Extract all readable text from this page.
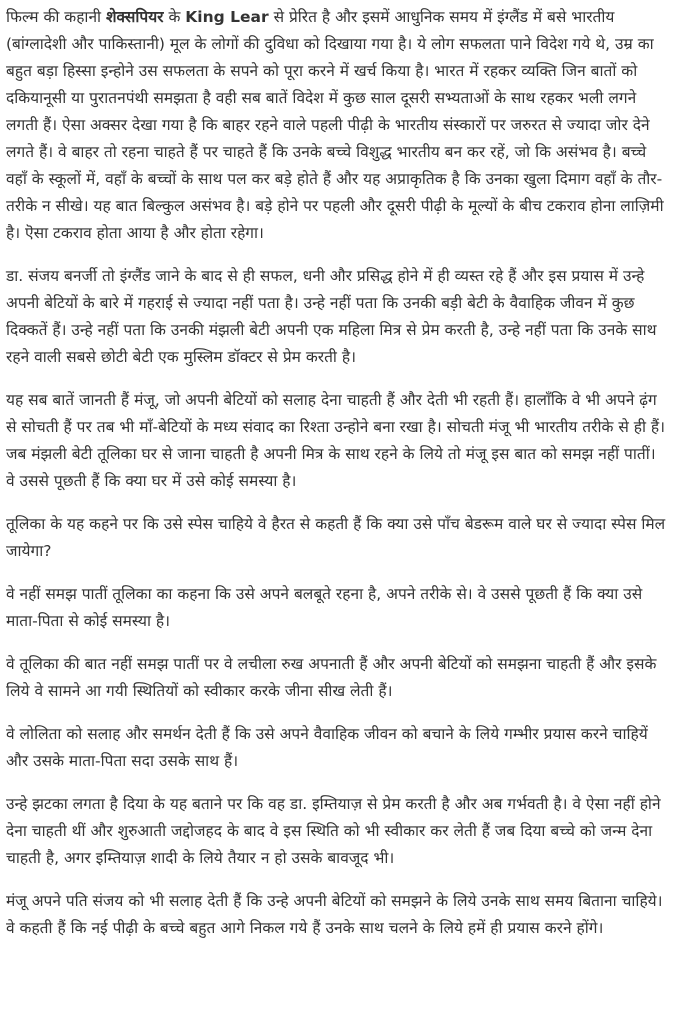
फिल्म की कहानी शेक्सपियर के King Lear से प्रेरित है और इसमें आधुनिक समय में इंग्लैंड में बसे भारतीय (बांग्लादेशी और पाकिस्तानी) मूल के लोगों की दुविधा को दिखाया गया है। ये लोग सफलता पाने विदेश गये थे, उम्र का बहुत बड़ा हिस्सा इन्होने उस सफलता के सपने को पूरा करने में खर्च किया है। भारत में रहकर व्यक्ति जिन बातों को दकियानूसी या पुरातनपंथी समझता है वही सब बातें विदेश में कुछ साल दूसरी सभ्यताओं के साथ रहकर भली लगने लगती हैं। ऐसा अक्सर देखा गया है कि बाहर रहने वाले पहली पीढ़ी के भारतीय संस्कारों पर जरुरत से ज्यादा जोर देने लगते हैं। वे बाहर तो रहना चाहते हैं पर चाहते हैं कि उनके बच्चे विशुद्ध भारतीय बन कर रहें, जो कि असंभव है। बच्चे वहाँ के स्कूलों में, वहाँ के बच्चों के साथ पल कर बड़े होते हैं और यह अप्राकृतिक है कि उनका खुला दिमाग वहाँ के तौर-तरीके न सीखे। यह बात बिल्कुल असंभव है। बड़े होने पर पहली और दूसरी पीढ़ी के मूल्यों के बीच टकराव होना लाज़िमी है। ऎसा टकराव होता आया है और होता रहेगा।

डा. संजय बनर्जी तो इंग्लैंड जाने के बाद से ही सफल, धनी और प्रसिद्ध होने में ही व्यस्त रहे हैं और इस प्रयास में उन्हे अपनी बेटियों के बारे में गहराई से ज्यादा नहीं पता है। उन्हे नहीं पता कि उनकी बड़ी बेटी के वैवाहिक जीवन में कुछ दिक्कतें हैं। उन्हे नहीं पता कि उनकी मंझली बेटी अपनी एक महिला मित्र से प्रेम करती है, उन्हे नहीं पता कि उनके साथ रहने वाली सबसे छोटी बेटी एक मुस्लिम डॉक्टर से प्रेम करती है।

यह सब बातें जानती हैं मंजू, जो अपनी बेटियों को सलाह देना चाहती हैं और देती भी रहती हैं। हालाँकि वे भी अपने ढ़ंग से सोचती हैं पर तब भी माँ-बेटियों के मध्य संवाद का रिश्ता उन्होने बना रखा है। सोचती मंजू भी भारतीय तरीके से ही हैं। जब मंझली बेटी तूलिका घर से जाना चाहती है अपनी मित्र के साथ रहने के लिये तो मंजू इस बात को समझ नहीं पातीं। वे उससे पूछती हैं कि क्या घर में उसे कोई समस्या है।

तूलिका के यह कहने पर कि उसे स्पेस चाहिये वे हैरत से कहती हैं कि क्या उसे पाँच बेडरूम वाले घर से ज्यादा स्पेस मिल जायेगा?

वे नहीं समझ पातीं तूलिका का कहना कि उसे अपने बलबूते रहना है, अपने तरीके से। वे उससे पूछती हैं कि क्या उसे माता-पिता से कोई समस्या है।

वे तूलिका की बात नहीं समझ पातीं पर वे लचीला रुख अपनाती हैं और अपनी बेटियों को समझना चाहती हैं और इसके लिये वे सामने आ गयी स्थितियों को स्वीकार करके जीना सीख लेती हैं।

वे लोलिता को सलाह और समर्थन देती हैं कि उसे अपने वैवाहिक जीवन को बचाने के लिये गम्भीर प्रयास करने चाहियें और उसके माता-पिता सदा उसके साथ हैं।

उन्हे झटका लगता है दिया के यह बताने पर कि वह डा. इम्तियाज़ से प्रेम करती है और अब गर्भवती है। वे ऐसा नहीं होने देना चाहती थीं और शुरुआती जद्दोजहद के बाद वे इस स्थिति को भी स्वीकार कर लेती हैं जब दिया बच्चे को जन्म देना चाहती है, अगर इम्तियाज़ शादी के लिये तैयार न हो उसके बावजूद भी।

मंजू अपने पति संजय को भी सलाह देती हैं कि उन्हे अपनी बेटियों को समझने के लिये उनके साथ समय बिताना चाहिये। वे कहती हैं कि नई पीढ़ी के बच्चे बहुत आगे निकल गये हैं उनके साथ चलने के लिये हमें ही प्रयास करने होंगे।
